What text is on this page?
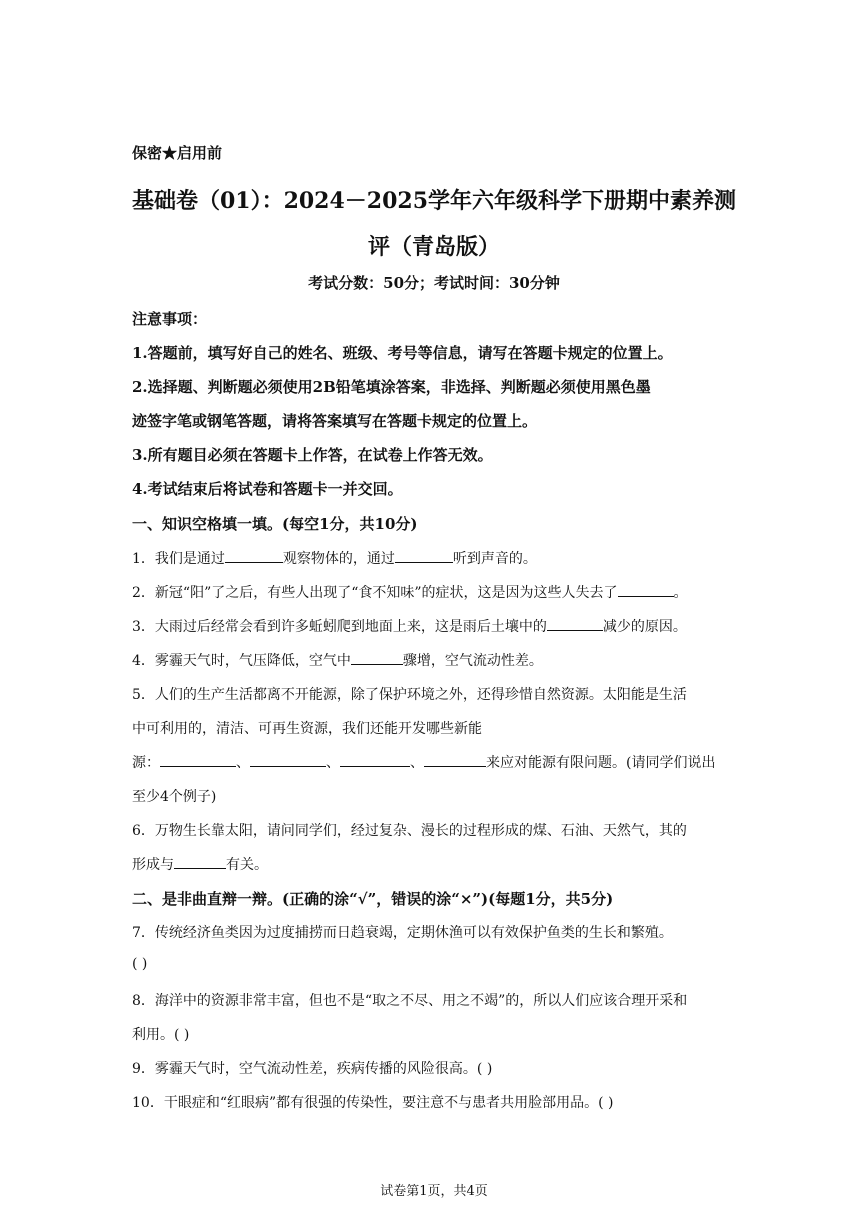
保密★启用前
基础卷（01）：2024－2025学年六年级科学下册期中素养测
评（青岛版）
考试分数：50分；考试时间：30分钟
注意事项：
1.答题前，填写好自己的姓名、班级、考号等信息，请写在答题卡规定的位置上。
2.选择题、判断题必须使用2B铅笔填涂答案，非选择、判断题必须使用黑色墨
迹签字笔或钢笔答题，请将答案填写在答题卡规定的位置上。
3.所有题目必须在答题卡上作答，在试卷上作答无效。
4.考试结束后将试卷和答题卡一并交回。
一、知识空格填一填。(每空1分，共10分)
1．我们是通过	观察物体的，通过	听到声音的。
2．新冠“阳”了之后，有些人出现了“食不知味”的症状，这是因为这些人失去了	。
3．大雨过后经常会看到许多蚯蚓爬到地面上来，这是雨后土壤中的	减少的原因。
4．雾霾天气时，气压降低，空气中	骤增，空气流动性差。
5．人们的生产生活都离不开能源，除了保护环境之外，还得珍惜自然资源。太阳能是生活
中可利用的，清洁、可再生资源，我们还能开发哪些新能
源：	、	、	、	来应对能源有限问题。(请同学们说出
至少4个例子)
6．万物生长靠太阳，请问同学们，经过复杂、漫长的过程形成的煤、石油、天然气，其的
形成与	有关。
二、是非曲直辩一辩。(正确的涂“√”，错误的涂“×”)(每题1分，共5分)
7．传统经济鱼类因为过度捕捞而日趋衰竭，定期休渔可以有效保护鱼类的生长和繁殖。
( )
8．海洋中的资源非常丰富，但也不是“取之不尽、用之不竭”的，所以人们应该合理开采和
利用。( )
9．雾霾天气时，空气流动性差，疾病传播的风险很高。( )
10．干眼症和“红眼病”都有很强的传染性，要注意不与患者共用脸部用品。( )
试卷第1页，共4页
